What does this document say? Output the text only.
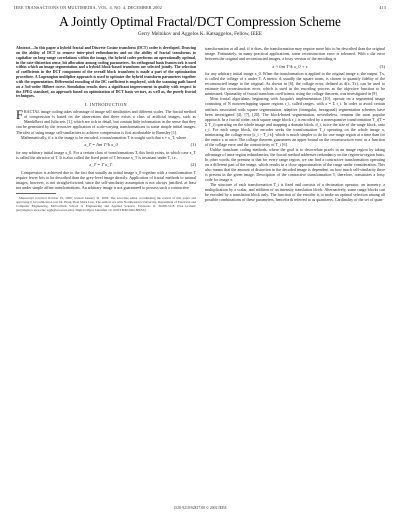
IEEE TRANSACTIONS ON MULTIMEDIA, VOL. 4, NO. 4, DECEMBER 2002	413
A Jointly Optimal Fractal/DCT Compression Scheme
Gerry Melnikov and Aggelos K. Katsaggelos, Fellow, IEEE

Abstract—In this paper a hybrid fractal and Discrete Cosine transform (DCT) coder is developed. Drawing on the ability of DCT to remove inter-pixel redundancies and on the ability of fractal transforms to capitalize on long-range correlations within the image, the hybrid coder performs an operationally optimal, in the rate-distortion sense, bit allocation among coding parameters. An orthogonal basis framework is used within which an image segmentation and a hybrid block-based transform are selected jointly. The selection of coefficients in the DCT component of the overall block transform is made a part of the optimization procedure. A Lagrangian multiplier approach is used to optimize the hybrid transform parameters together with the segmentation. Differential encoding of the DC coefficient is employed, with the scanning path based on a 3rd-order Hilbert curve. Simulation results show a significant improvement in quality with respect to the JPEG standard, an approach based on optimization of DCT basis vectors, as well as, the purely fractal techniques.

I. INTRODUCTION

FRACTAL image coding takes advantage of image self similarities and different scales. The fractal method of compression is based on the observation that there exists a class of artificial images, such as Mandelbrot and Julia sets [1], which are rich in detail, but contain little information in the sense that they can be generated by the recursive application of scale-varying transformations to some simple initial images. The idea of using image self-similarities to achieve compression is first attributable to Barnsley [1].

Mathematically, if x is the image to be encoded, a transformation T is sought such that x ≈ x_T, where

x_T = lim T^k x_0	(1)

for any arbitrary initial image x_0. For a certain class of transformations T, this limit exists, in which case x_T is called the attractor of T. It is also called the fixed point of T because x_T is invariant under T, i.e.,

x_T = T x_T.	(2)

Compression is achieved due to the fact that usually an initial image x_0 together with a transformation T require fewer bits to be described than the grey-level image directly. Application of fractal methods to natural images, however, is not straight-forward, since the self-similarity assumption is not always justified, at least not under simple affine transformations. An arbitrary image is not guaranteed to possess such a contractive

Manuscript received October 25, 1999; revised January 31, 2002. The associate editor coordinating the review of this paper and approving it for publication was Dr. Hong-Yuan Mark Liao. The authors are with Northwestern University, Department of Electrical and Computer Engineering, McCormick School of Engineering and Applied Science, Evanston, IL 60208-3118 USA (e-mail: gerrym@ece.nwu.edu; aggk@ece.nwu.edu). Digital Object Identifier 10.1109/TMM.2002.806534

transformation at all and, if it does, the transformation may require more bits to be described than the original image. Fortunately, in many practical applications, some reconstruction error is tolerated. With ε the error between the original and reconstructed images, a lossy version of the encoding is

x ≈ lim T^k x_0 + ε	(3)

for any arbitrary initial image x_0. When the transformation is applied to the original image x, the output, Tx, is called the collage of x under T. A metric d, usually the square norm, is chosen to quantify fidelity of the reconstructed image to the original. As shown in [6], the collage error, defined as d(x, Tx), can be used to estimate the reconstruction error, which is used in the encoding process as the objective function to be minimized. Optimality of fractal transform coefficients, using the collage theorem, was investigated in [9].

Most fractal algorithms, beginning with Jacquin's implementation [10], operate on a segmented image consisting of N nonoverlapping square regions r_i, called ranges, with x = Σ r_i. In order to avoid certain artifacts associated with square segmentation, adaptive (triangular, hexagonal) segmentation schemes have been investigated [4], [7], [20]. The block-based segmentation, nevertheless, remains the most popular approach. In a fractal coder, each square range block r_i is encoded by a nonexpansive transformation T_i(T = Σ T_i) operating on the whole image and mapping a domain block, d_i, twice the size of the range block, onto r_i. For each range block, the encoder seeks the transformation T_i operating on the whole image x, minimizing the collage error ||r_i − T_i x||, which is much simpler to do for one range region at a time than for the entire x at once. The collage theorem guarantees an upper bound on the reconstruction error as a function of the collage error and the contractivity of T_i [6].

Unlike transform coding methods, where the goal is to decorrelate pixels in an image region by taking advantage of intra-region redundancies, the fractal method addresses redundancy on the region-to-region basis. In other words, the premise is that for every range region, we can find a contractive transformation operating on a different part of the image, which results in a close approximation of the range under consideration. This also means that the amount of distortion in the decoded image is dependent on how much self-similarity there is present in the given image. Description of the contractive transformation T, therefore, constitutes a lossy code for image x.

The structure of each transformation T_i is fixed and consists of a decimation operator, an isometry, a multiplication by a scalar, and addition of an intensity translation block. Alternatively, some range blocks can be encoded by a translation block only. The function of the encoder is to make an optimal selection among all possible combinations of these parameters, henceforth referred to as quantizers. Cardinality of the set of quan-

1520-9210/02$17.00 © 2002 IEEE
